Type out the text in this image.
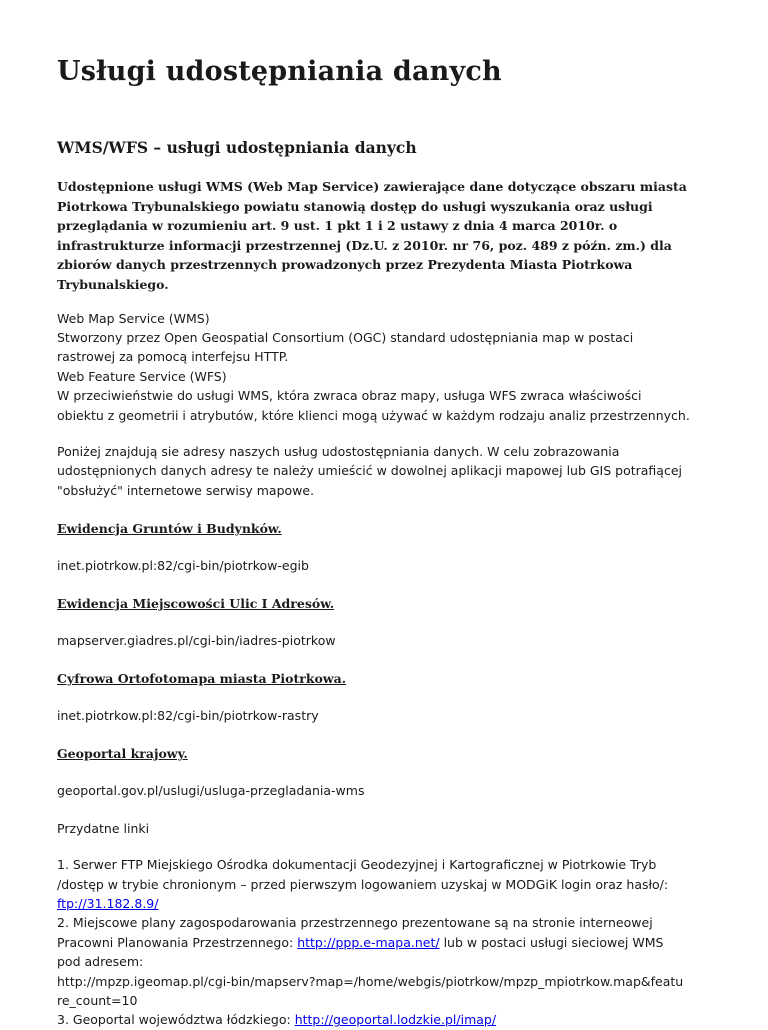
Usługi udostępniania danych
WMS/WFS – usługi udostępniania danych

Udostępnione usługi WMS (Web Map Service) zawierające dane dotyczące obszaru miasta
Piotrkowa Trybunalskiego powiatu stanowią dostęp do usługi wyszukania oraz usługi
przeglądania w rozumieniu art. 9 ust. 1 pkt 1 i 2 ustawy z dnia 4 marca 2010r. o
infrastrukturze informacji przestrzennej (Dz.U. z 2010r. nr 76, poz. 489 z późn. zm.) dla
zbiorów danych przestrzennych prowadzonych przez Prezydenta Miasta Piotrkowa
Trybunalskiego.

Web Map Service (WMS)
Stworzony przez Open Geospatial Consortium (OGC) standard udostępniania map w postaci
rastrowej za pomocą interfejsu HTTP.
Web Feature Service (WFS)
W przeciwieństwie do usługi WMS, która zwraca obraz mapy, usługa WFS zwraca właściwości
obiektu z geometrii i atrybutów, które klienci mogą używać w każdym rodzaju analiz przestrzennych.

Poniżej znajdują sie adresy naszych usług udostostępniania danych. W celu zobrazowania
udostępnionych danych adresy te należy umieścić w dowolnej aplikacji mapowej lub GIS potrafiącej
"obsłużyć" internetowe serwisy mapowe.

Ewidencja Gruntów i Budynków.

inet.piotrkow.pl:82/cgi-bin/piotrkow-egib

Ewidencja Miejscowości Ulic I Adresów.

mapserver.giadres.pl/cgi-bin/iadres-piotrkow

Cyfrowa Ortofotomapa miasta Piotrkowa.

inet.piotrkow.pl:82/cgi-bin/piotrkow-rastry

Geoportal krajowy.

geoportal.gov.pl/uslugi/usluga-przegladania-wms

Przydatne linki

1. Serwer FTP Miejskiego Ośrodka dokumentacji Geodezyjnej i Kartograficznej w Piotrkowie Tryb
/dostęp w trybie chronionym – przed pierwszym logowaniem uzyskaj w MODGiK login oraz hasło/:
ftp://31.182.8.9/
2. Miejscowe plany zagospodarowania przestrzennego prezentowane są na stronie interneowej
Pracowni Planowania Przestrzennego: http://ppp.e-mapa.net/ lub w postaci usługi sieciowej WMS
pod adresem:
http://mpzp.igeomap.pl/cgi-bin/mapserv?map=/home/webgis/piotrkow/mpzp_mpiotrkow.map&featu
re_count=10
3. Geoportal województwa łódzkiego: http://geoportal.lodzkie.pl/imap/
